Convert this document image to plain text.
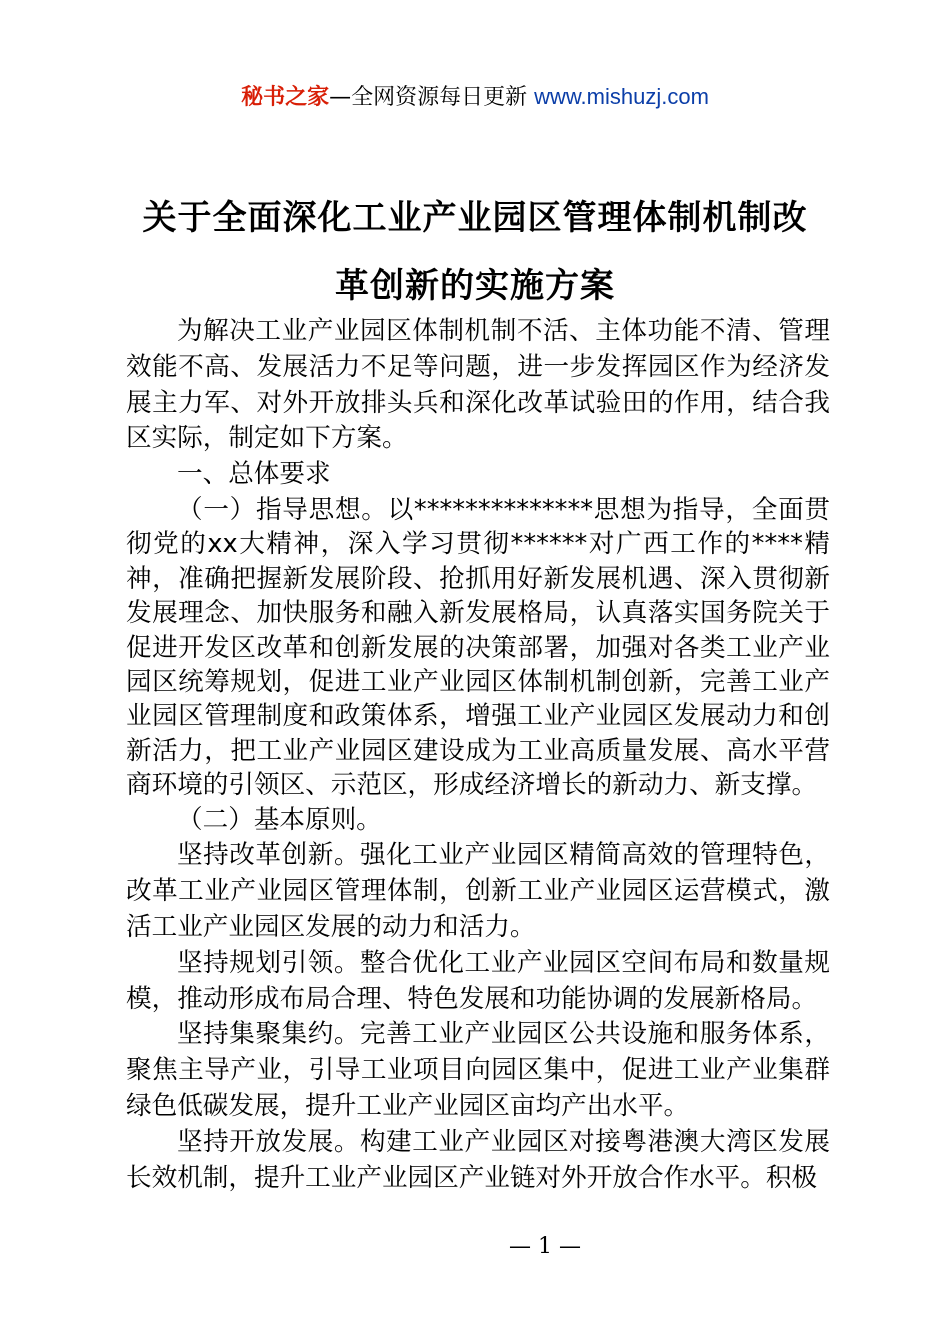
秘书之家—全网资源每日更新 www.mishuzj.com
关于全面深化工业产业园区管理体制机制改
革创新的实施方案

为解决工业产业园区体制机制不活、主体功能不清、管理效能不高、发展活力不足等问题，进一步发挥园区作为经济发展主力军、对外开放排头兵和深化改革试验田的作用，结合我区实际，制定如下方案。

一、总体要求

（一）指导思想。以**************思想为指导，全面贯彻党的xx大精神，深入学习贯彻******对广西工作的****精神，准确把握新发展阶段、抢抓用好新发展机遇、深入贯彻新发展理念、加快服务和融入新发展格局，认真落实国务院关于促进开发区改革和创新发展的决策部署，加强对各类工业产业园区统筹规划，促进工业产业园区体制机制创新，完善工业产业园区管理制度和政策体系，增强工业产业园区发展动力和创新活力，把工业产业园区建设成为工业高质量发展、高水平营商环境的引领区、示范区，形成经济增长的新动力、新支撑。

（二）基本原则。

坚持改革创新。强化工业产业园区精简高效的管理特色，改革工业产业园区管理体制，创新工业产业园区运营模式，激活工业产业园区发展的动力和活力。

坚持规划引领。整合优化工业产业园区空间布局和数量规模，推动形成布局合理、特色发展和功能协调的发展新格局。

坚持集聚集约。完善工业产业园区公共设施和服务体系，聚焦主导产业，引导工业项目向园区集中，促进工业产业集群绿色低碳发展，提升工业产业园区亩均产出水平。

坚持开放发展。构建工业产业园区对接粤港澳大湾区发展长效机制，提升工业产业园区产业链对外开放合作水平。积极

— 1 —
